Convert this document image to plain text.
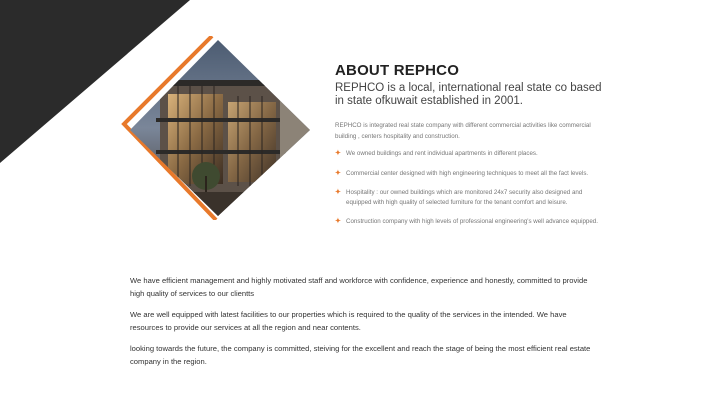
ABOUT REPHCO

REPHCO is a local, international real state co based in state ofkuwait established in 2001.

REPHCO is integrated real state company with different commercial activities like commercial building , centers hospitality and construction.

✦ We owned buildings and rent individual apartments in different places.
✦ Commercial center designed with high engineering techniques to meet all the fact levels.
✦ Hospitality : our owned buildings which are monitored 24x7 security also designed and equipped with high quality of selected furniture for the tenant comfort and leisure.
✦ Construction company with high levels of professional engineering's well advance equipped.

We have efficient management and highly motivated staff and workforce with confidence, experience and honestly, committed to provide high quality of services to our clientts

We are well equipped with latest facilities to our properties which is required to the quality of the services in the intended. We have resources to provide our services at all the region and near contents.

looking towards the future, the company is committed, steiving for the excellent and reach the stage of being the most efficient real estate company in the region.
